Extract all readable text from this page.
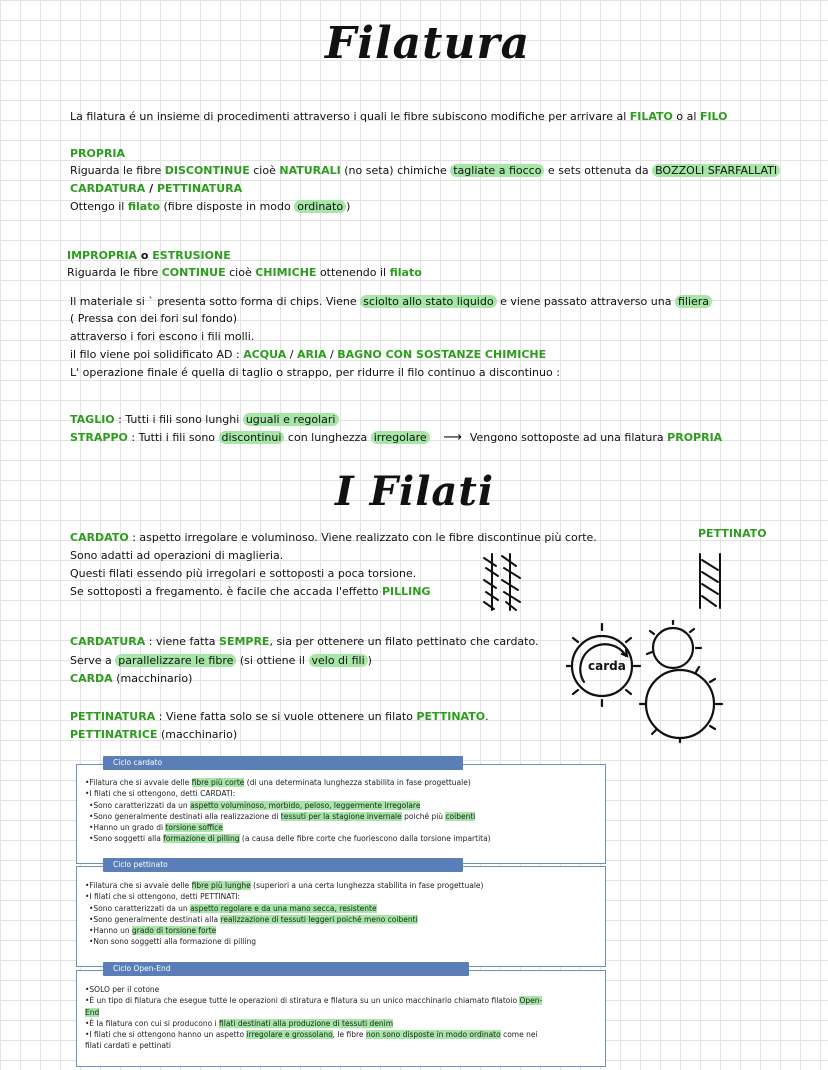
Filatura
La filatura é un insieme di procedimenti attraverso i quali le fibre subiscono modifiche per arrivare al FILATO o al FILO
PROPRIA
Riguarda le fibre DISCONTINUE cioè NATURALI (no seta) chimiche tagliate a fiocco e sets ottenuta da BOZZOLI SFARFALLATI
CARDATURA / PETTINATURA
Ottengo il filato (fibre disposte in modo ordinato )
IMPROPRIA o ESTRUSIONE
Riguarda le fibre CONTINUE cioè CHIMICHE ottenendo il filato
Il materiale si ` presenta sotto forma di chips. Viene sciolto allo stato liquido e viene passato attraverso una filiera
( Pressa con dei fori sul fondo)
attraverso i fori escono i fili molli.
il filo viene poi solidificato AD : ACQUA / ARIA / BAGNO CON SOSTANZE CHIMICHE
L' operazione finale é quella di taglio o strappo, per ridurre il filo continuo a discontinuo :
TAGLIO : Tutti i fili sono lunghi uguali e regolari
STRAPPO : Tutti i fili sono discontinui con lunghezza irregolare ⟶ Vengono sottoposte ad una filatura PROPRIA
I Filati
CARDATO : aspetto irregolare e voluminoso. Viene realizzato con le fibre discontinue più corte.
Sono adatti ad operazioni di maglieria.
Questi filati essendo più irregolari e sottoposti a poca torsione.
Se sottoposti a fregamento. è facile che accada l'effetto PILLING
PETTINATO
CARDATURA : viene fatta SEMPRE, sia per ottenere un filato pettinato che cardato.
Serve a parallelizzare le fibre (si ottiene il velo di fili )
CARDA (macchinario)
carda
PETTINATURA : Viene fatta solo se si vuole ottenere un filato PETTINATO.
PETTINATRICE (macchinario)
•Filatura che si avvale delle fibre più corte (di una determinata lunghezza stabilita in fase progettuale)
•I filati che si ottengono, detti CARDATI:
•Sono caratterizzati da un aspetto voluminoso, morbido, peloso, leggermente irregolare
•Sono generalmente destinati alla realizzazione di tessuti per la stagione invernale poiché più coibenti
•Hanno un grado di torsione soffice
•Sono soggetti alla formazione di pilling (a causa delle fibre corte che fuoriescono dalla torsione impartita)
Ciclo cardato
•Filatura che si avvale delle fibre più lunghe (superiori a una certa lunghezza stabilita in fase progettuale)
•I filati che si ottengono, detti PETTINATI:
•Sono caratterizzati da un aspetto regolare e da una mano secca, resistente
•Sono generalmente destinati alla realizzazione di tessuti leggeri poiché meno coibenti
•Hanno un grado di torsione forte
•Non sono soggetti alla formazione di pilling
Ciclo pettinato
•SOLO per il cotone
•È un tipo di filatura che esegue tutte le operazioni di stiratura e filatura su un unico macchinario chiamato filatoio Open-
End
•È la filatura con cui si producono i filati destinati alla produzione di tessuti denim
•I filati che si ottengono hanno un aspetto irregolare e grossolano, le fibre non sono disposte in modo ordinato come nei
filati cardati e pettinati
Ciclo Open-End
